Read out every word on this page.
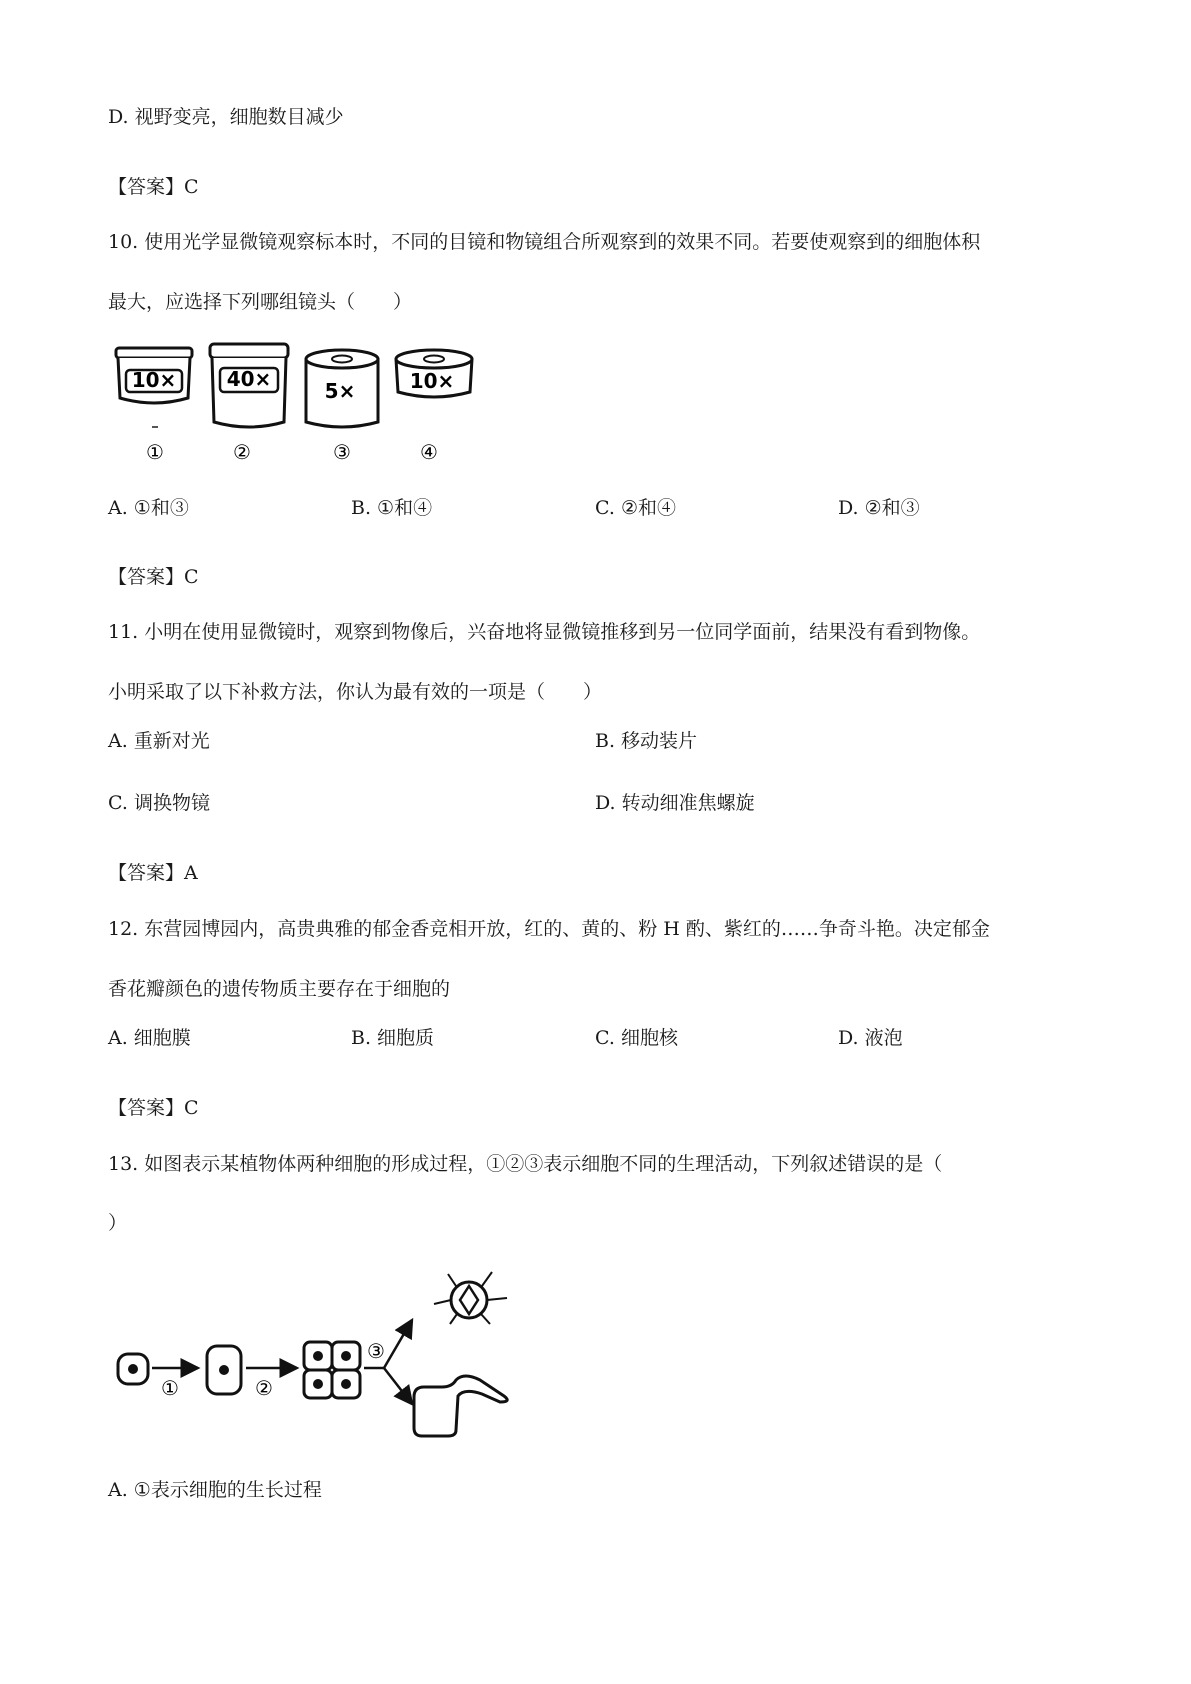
D. 视野变亮，细胞数目减少
【答案】C
10. 使用光学显微镜观察标本时，不同的目镜和物镜组合所观察到的效果不同。若要使观察到的细胞体积
最大，应选择下列哪组镜头（　　）
10×	40×	5×	10×
①	②	③	④
A. ①和③	B. ①和④	C. ②和④	D. ②和③
【答案】C
11. 小明在使用显微镜时，观察到物像后，兴奋地将显微镜推移到另一位同学面前，结果没有看到物像。
小明采取了以下补救方法，你认为最有效的一项是（　　）
A. 重新对光	B. 移动装片
C. 调换物镜	D. 转动细准焦螺旋
【答案】A
12. 东营园博园内，高贵典雅的郁金香竞相开放，红的、黄的、粉 H 酌、紫红的……争奇斗艳。决定郁金
香花瓣颜色的遗传物质主要存在于细胞的
A. 细胞膜	B. 细胞质	C. 细胞核	D. 液泡
【答案】C
13. 如图表示某植物体两种细胞的形成过程，①②③表示细胞不同的生理活动，下列叙述错误的是（
）
①	②
③
A. ①表示细胞的生长过程
